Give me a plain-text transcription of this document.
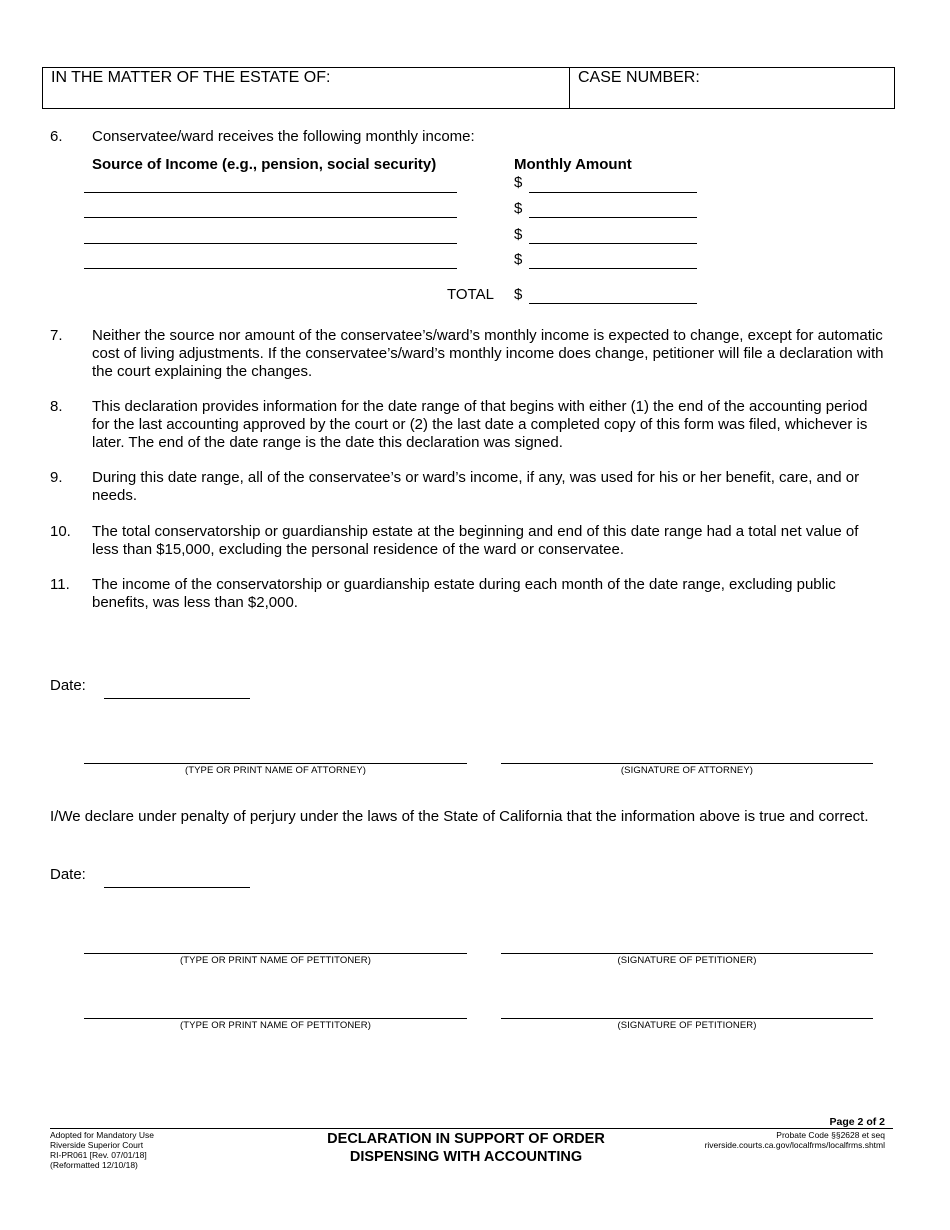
IN THE MATTER OF THE ESTATE OF:	CASE NUMBER:
6. Conservatee/ward receives the following monthly income:
Source of Income (e.g., pension, social security)	Monthly Amount
$
$
$
$
TOTAL $
7. Neither the source nor amount of the conservatee’s/ward’s monthly income is expected to change, except for automatic cost of living adjustments. If the conservatee’s/ward’s monthly income does change, petitioner will file a declaration with the court explaining the changes.
8. This declaration provides information for the date range of that begins with either (1) the end of the accounting period for the last accounting approved by the court or (2) the last date a completed copy of this form was filed, whichever is later. The end of the date range is the date this declaration was signed.
9. During this date range, all of the conservatee’s or ward’s income, if any, was used for his or her benefit, care, and or needs.
10. The total conservatorship or guardianship estate at the beginning and end of this date range had a total net value of less than $15,000, excluding the personal residence of the ward or conservatee.
11. The income of the conservatorship or guardianship estate during each month of the date range, excluding public benefits, was less than $2,000.
Date:
(TYPE OR PRINT NAME OF ATTORNEY)	(SIGNATURE OF ATTORNEY)
I/We declare under penalty of perjury under the laws of the State of California that the information above is true and correct.
Date:
(TYPE OR PRINT NAME OF PETTITONER)	(SIGNATURE OF PETITIONER)
(TYPE OR PRINT NAME OF PETTITONER)	(SIGNATURE OF PETITIONER)
Adopted for Mandatory Use
Riverside Superior Court
RI-PR061 [Rev. 07/01/18]
(Reformatted 12/10/18)
DECLARATION IN SUPPORT OF ORDER
DISPENSING WITH ACCOUNTING
Page 2 of 2
Probate Code §§2628 et seq
riverside.courts.ca.gov/localfrms/localfrms.shtml
